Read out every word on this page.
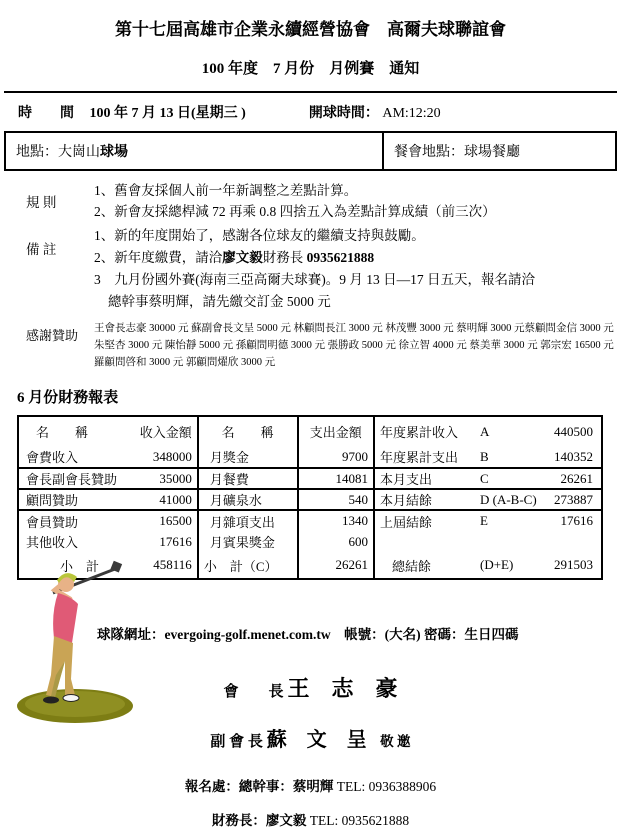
第十七屆高雄市企業永續經營協會　高爾夫球聯誼會
100 年度　7 月份　月例賽　通知
時　　間 100 年 7 月 13 日(星期三 )	開球時間： AM:12:20
地點：大崗山球場	餐會地點：球場餐廳
規 則
1、舊會友採個人前一年新調整之差點計算。
2、新會友採總桿減 72 再乘 0.8 四捨五入為差點計算成績（前三次）
備 註
1、新的年度開始了，感謝各位球友的繼續支持與鼓勵。
2、新年度繳費，請洽廖文毅財務長 0935621888
3　九月份國外賽(海南三亞高爾夫球賽)。9 月 13 日—17 日五天，報名請洽
總幹事蔡明輝，請先繳交訂金 5000 元
感謝贊助	王會長志豪 30000 元 蘇副會長文呈 5000 元 林顧問長江 3000 元 林茂豐 3000 元 蔡明輝 3000 元蔡顧問金信 3000 元
朱堅杏 3000 元 陳怡靜 5000 元 孫顧問明德 3000 元 張勝政 5000 元 徐立智 4000 元 蔡美華 3000 元 郭宗宏 16500 元
羅顧問啓和 3000 元 郭顧問燿欣 3000 元
6 月份財務報表
名　　稱 收入金額	名　　稱	支出金額	年度累計收入 A 440500

會費收入 348000	月獎金	9700	年度累計支出 B 140352

會長副會長贊助 35000	月餐費	14081	本月支出 C 26261

顧問贊助 41000	月礦泉水	540	本月結餘 D (A-B-C) 273887

會員贊助 16500	月雜項支出	1340	上屆結餘 E 17616

其他收入 17616	月賓果獎金	600	

小　計 458116	小　計（C）	26261	總結餘 (D+E) 291503
球隊網址：evergoing-golf.menet.com.tw　帳號：(大名) 密碼：生日四碼
會　　長 王　志　豪
副 會 長 蘇　文　呈　敬 邀
報名處：總幹事：蔡明輝 TEL: 0936388906
財務長：廖文毅 TEL: 0935621888
